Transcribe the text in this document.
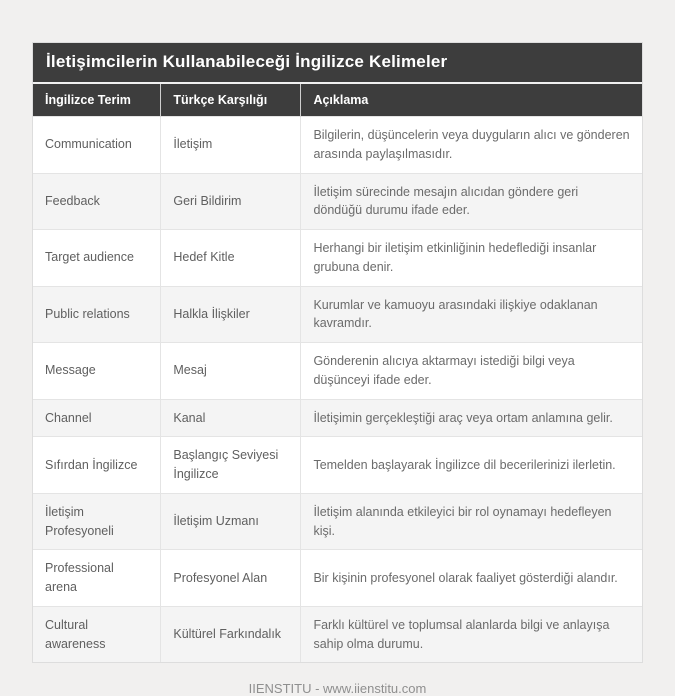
İletişimcilerin Kullanabileceği İngilizce Kelimeler
İngilizce Terim	Türkçe Karşılığı	Açıklama
Communication	İletişim	Bilgilerin, düşüncelerin veya duyguların alıcı ve gönderen arasında paylaşılmasıdır.
Feedback	Geri Bildirim	İletişim sürecinde mesajın alıcıdan göndere geri döndüğü durumu ifade eder.
Target audience	Hedef Kitle	Herhangi bir iletişim etkinliğinin hedeflediği insanlar grubuna denir.
Public relations	Halkla İlişkiler	Kurumlar ve kamuoyu arasındaki ilişkiye odaklanan kavramdır.
Message	Mesaj	Gönderenin alıcıya aktarmayı istediği bilgi veya düşünceyi ifade eder.
Channel	Kanal	İletişimin gerçekleştiği araç veya ortam anlamına gelir.
Sıfırdan İngilizce	Başlangıç Seviyesi İngilizce	Temelden başlayarak İngilizce dil becerilerinizi ilerletin.
İletişim Profesyoneli	İletişim Uzmanı	İletişim alanında etkileyici bir rol oynamayı hedefleyen kişi.
Professional arena	Profesyonel Alan	Bir kişinin profesyonel olarak faaliyet gösterdiği alandır.
Cultural awareness	Kültürel Farkındalık	Farklı kültürel ve toplumsal alanlarda bilgi ve anlayışa sahip olma durumu.
IIENSTITU - www.iienstitu.com
